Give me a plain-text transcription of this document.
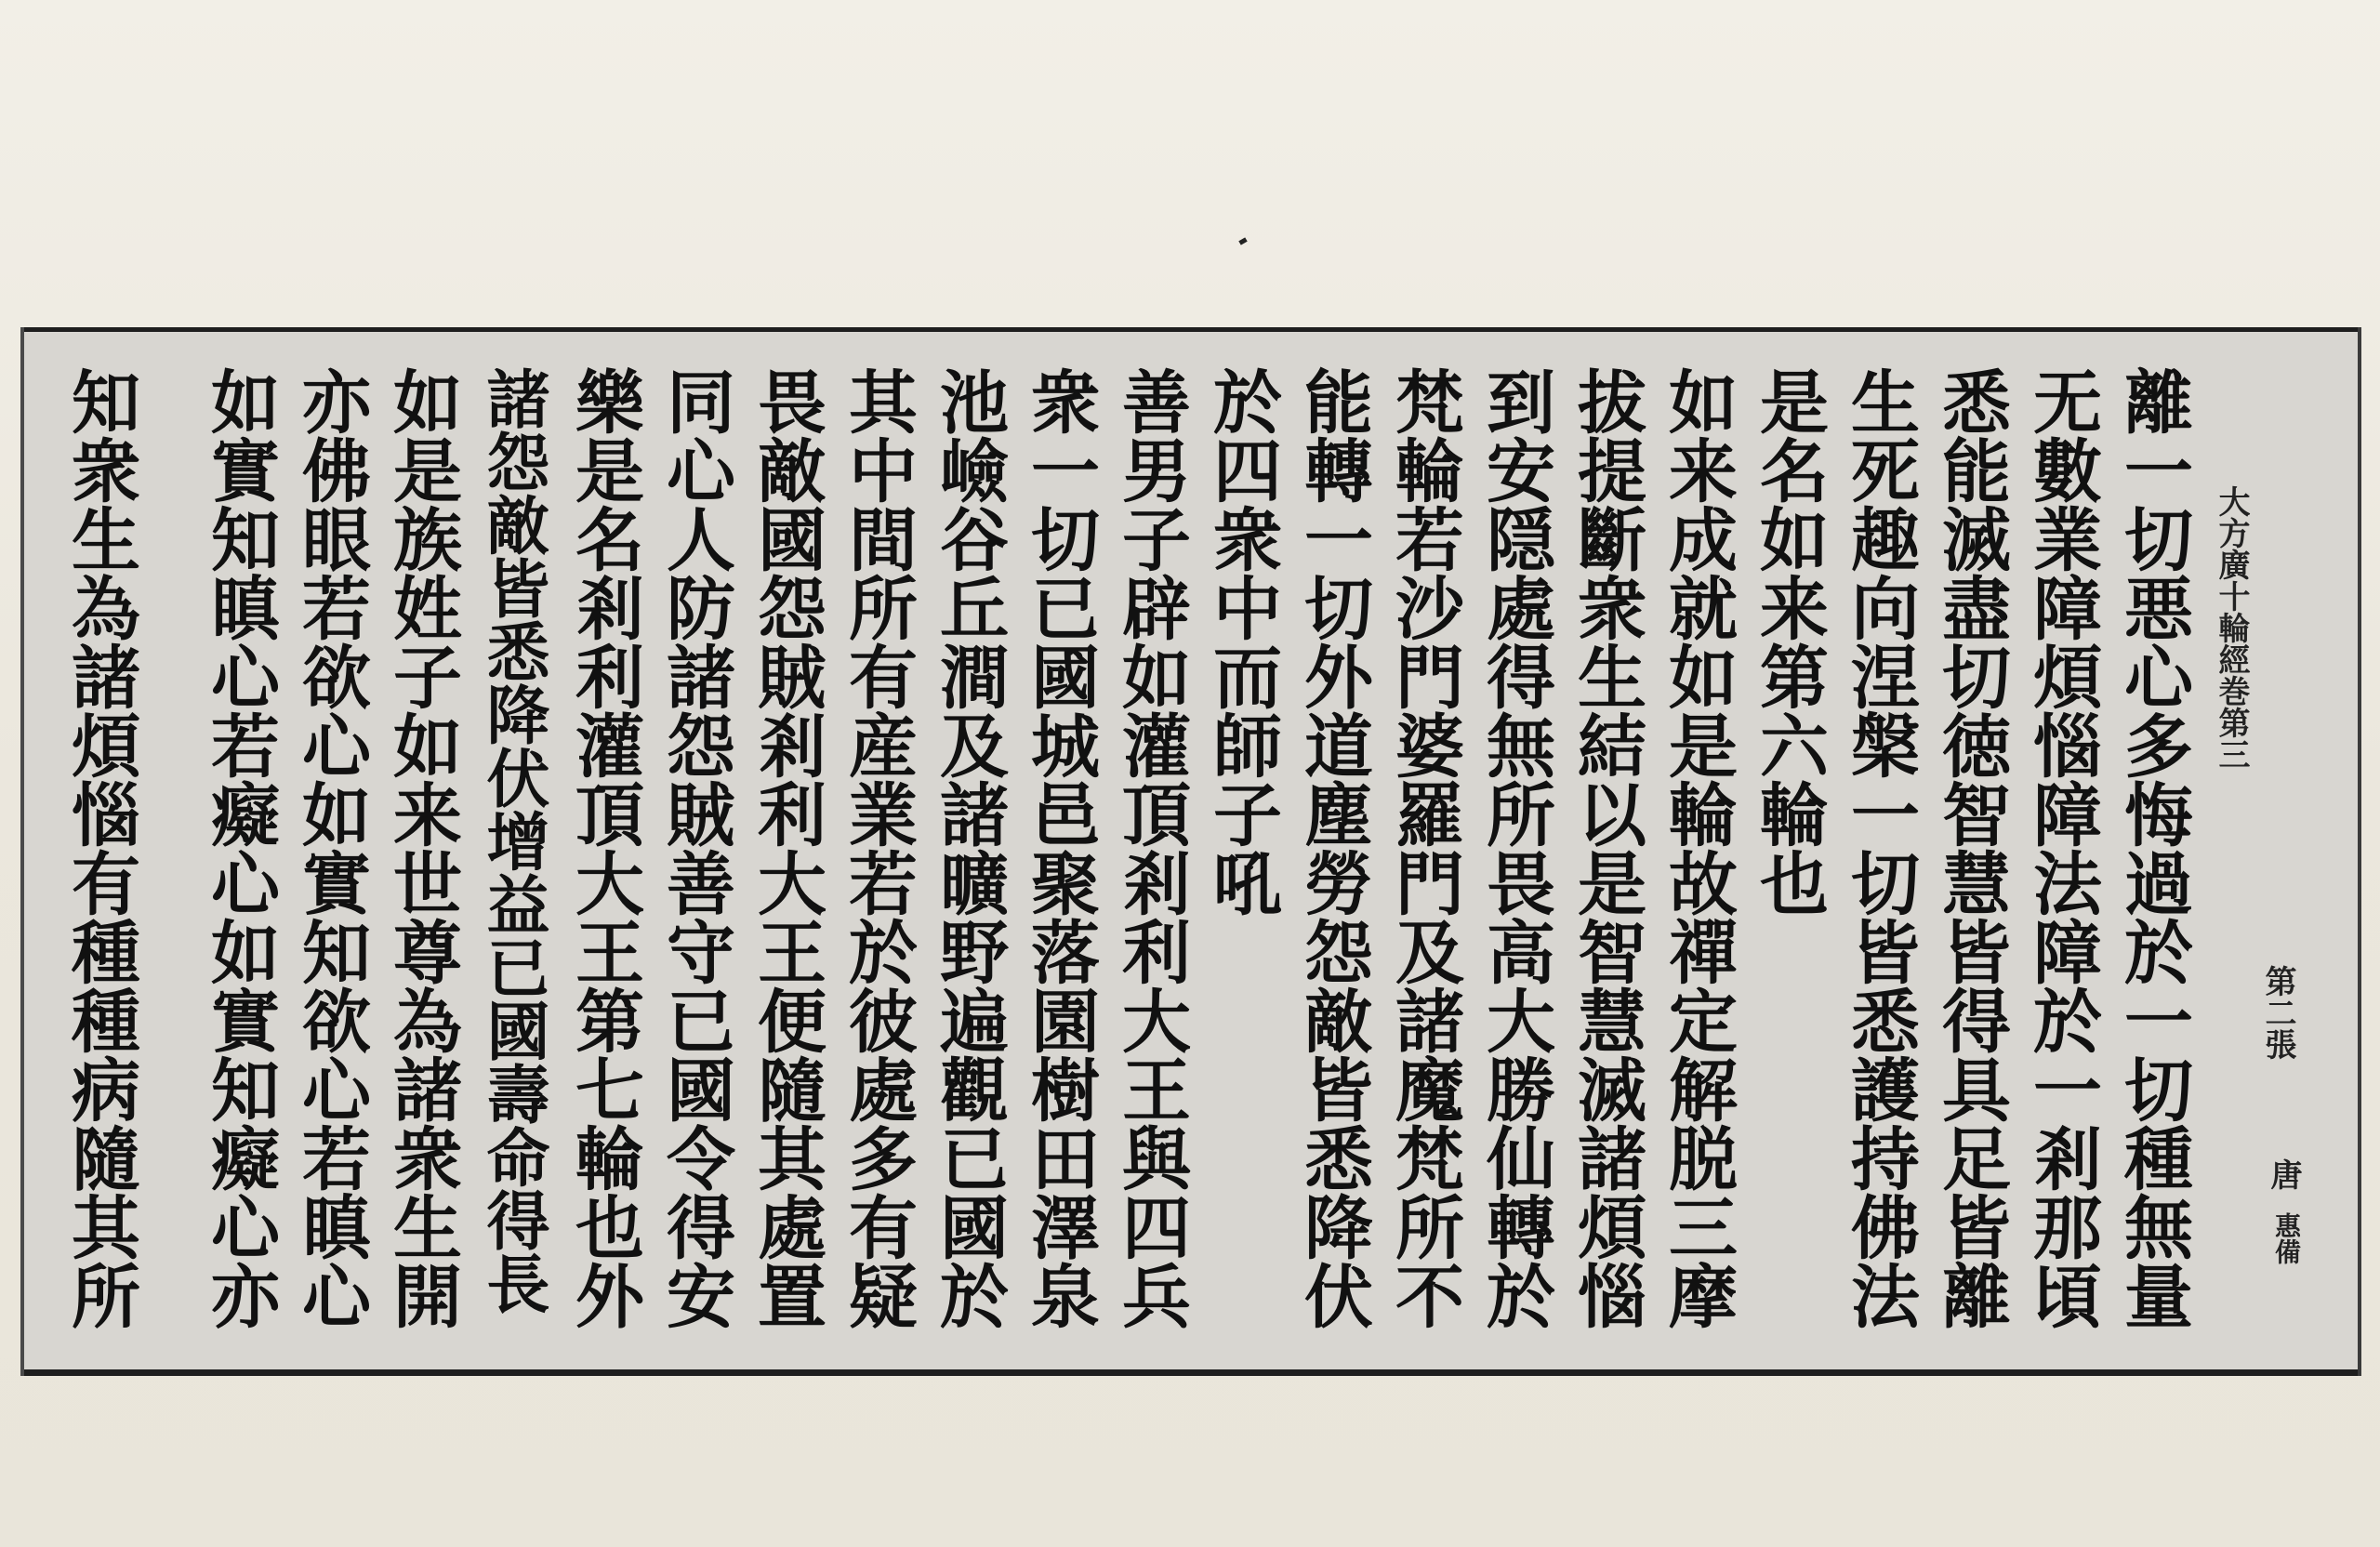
大方廣十輪經巻第三
第二張
唐
惠備
離一切悪心多悔過於一切種無量
无數業障煩惱障法障於一剎那頃
悉能滅盡切徳智慧皆得具足皆離
生死趣向涅槃一切皆悉護持佛法
是名如来第六輪也
如来成就如是輪故禪定解脱三摩
拔提斷衆生結以是智慧滅諸煩惱
到安隠處得無所畏高大勝仙轉於
梵輪若沙門婆羅門及諸魔梵所不
能轉一切外道塵勞怨敵皆悉降伏
於四衆中而師子吼
善男子辟如灌頂剎利大王與四兵
衆一切已國城邑聚落園樹田澤泉
池嶮谷丘澗及諸曠野遍觀已國於
其中間所有産業若於彼處多有疑
畏敵國怨賊剎利大王便隨其處置
同心人防諸怨賊善守已國令得安
樂是名剎利灌頂大王第七輪也外
諸怨敵皆悉降伏增益已國壽命得長
如是族姓子如来世尊為諸衆生開
亦佛眼若欲心如實知欲心若瞋心
如實知瞋心若癡心如實知癡心亦
知衆生為諸煩惱有種種病隨其所
